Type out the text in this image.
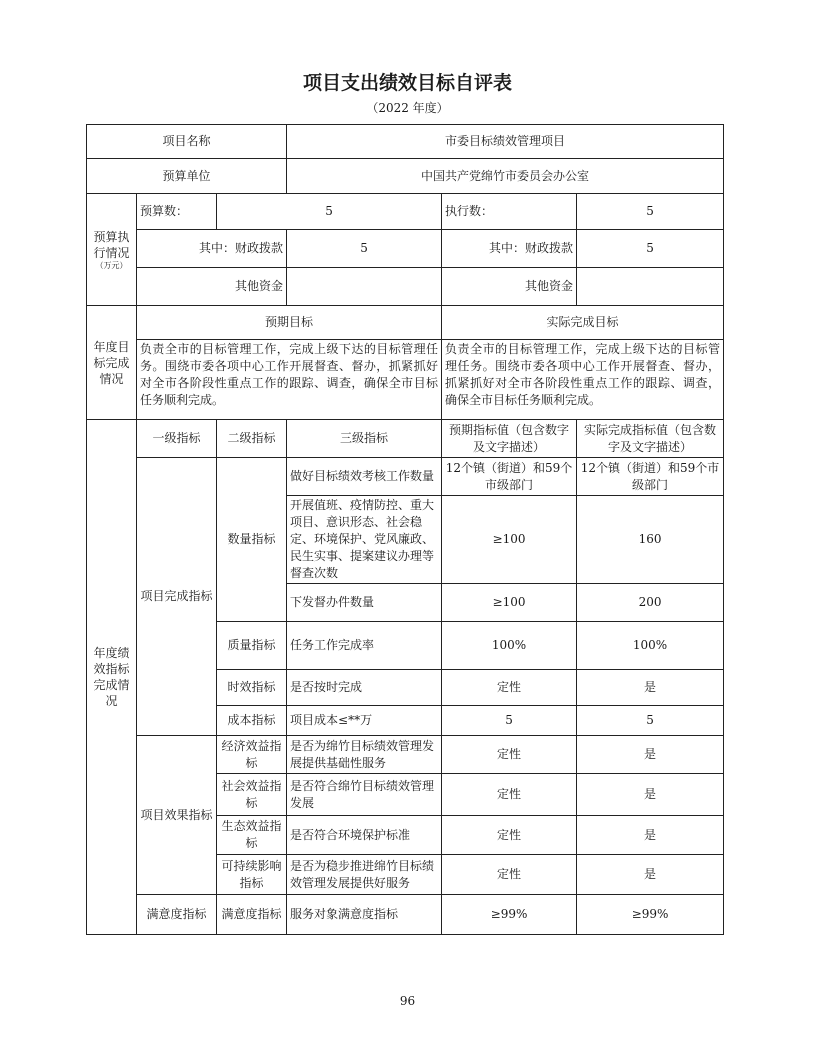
项目支出绩效目标自评表
（2022 年度）
项目名称			市委目标绩效管理项目		
预算单位			中国共产党绵竹市委员会办公室		
预算执行情况
（万元）	预算数：	5		执行数：	5
	其中：财政拨款		5	其中：财政拨款	5
	其他资金			其他资金	
年度目标完成情况	预期目标			实际完成目标	
	负责全市的目标管理工作，完成上级下达的目标管理任务。围绕市委各项中心工作开展督查、督办，抓紧抓好对全市各阶段性重点工作的跟踪、调查，确保全市目标任务顺利完成。			负责全市的目标管理工作，完成上级下达的目标管理任务。围绕市委各项中心工作开展督查、督办，抓紧抓好对全市各阶段性重点工作的跟踪、调查，确保全市目标任务顺利完成。	
年度绩效指标完成情况	一级指标	二级指标	三级指标	预期指标值（包含数字及文字描述）	实际完成指标值（包含数字及文字描述）
	项目完成指标	数量指标	做好目标绩效考核工作数量	12个镇（街道）和59个市级部门	12个镇（街道）和59个市级部门
			开展值班、疫情防控、重大项目、意识形态、社会稳定、环境保护、党风廉政、民生实事、提案建议办理等督查次数	≥100	160
			下发督办件数量	≥100	200
		质量指标	任务工作完成率	100%	100%
		时效指标	是否按时完成	定性	是
		成本指标	项目成本≤**万	5	5
	项目效果指标	经济效益指标	是否为绵竹目标绩效管理发展提供基础性服务	定性	是
		社会效益指标	是否符合绵竹目标绩效管理发展	定性	是
		生态效益指标	是否符合环境保护标准	定性	是
		可持续影响指标	是否为稳步推进绵竹目标绩效管理发展提供好服务	定性	是
	满意度指标	满意度指标	服务对象满意度指标	≥99%	≥99%
96
